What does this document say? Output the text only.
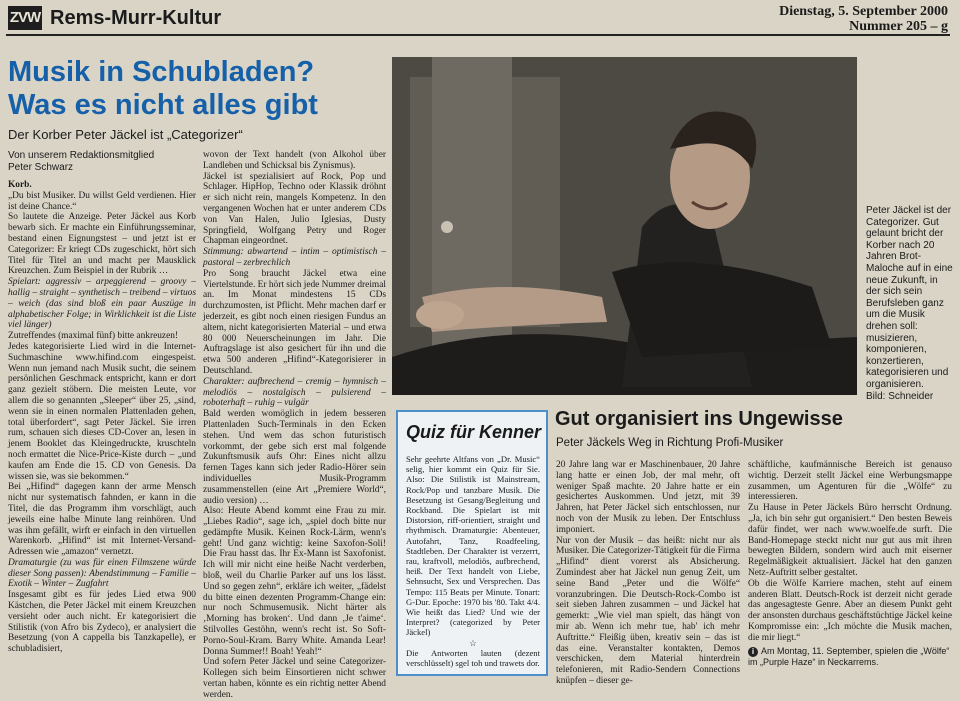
ZVW Rems-Murr-Kultur	Dienstag, 5. September 2000
Nummer 205 – g
Musik in Schubladen?
Was es nicht alles gibt
Der Korber Peter Jäckel ist „Categorizer“
Von unserem Redaktionsmitglied
Peter Schwarz

Korb.

„Du bist Musiker. Du willst Geld verdienen. Hier ist deine Chance.“

So lautete die Anzeige. Peter Jäckel aus Korb bewarb sich. Er machte ein Einführungsseminar, bestand einen Eignungstest – und jetzt ist er Categorizer: Er kriegt CDs zugeschickt, hört sich Titel für Titel an und macht per Mausklick Kreuzchen. Zum Beispiel in der Rubrik …

Spielart: aggressiv – arpeggierend – groovy – hallig – straight – synthetisch – treibend – virtuos – weich (das sind bloß ein paar Auszüge in alphabetischer Folge; in Wirklichkeit ist die Liste viel länger)

Zutreffendes (maximal fünf) bitte ankreuzen!

Jedes kategorisierte Lied wird in die Internet-Suchmaschine www.hifind.com eingespeist. Wenn nun jemand nach Musik sucht, die seinem persönlichen Geschmack entspricht, kann er dort ganz gezielt stöbern. Die meisten Leute, vor allem die so genannten „Sleeper“ über 25, „sind, wenn sie in einen normalen Plattenladen gehen, total überfordert“, sagt Peter Jäckel. Sie irren rum, schauen sich dieses CD-Cover an, lesen in jenem Booklet das Kleingedruckte, kruschteln noch ermattet die Nice-Price-Kiste durch – „und kaufen am Ende die 15. CD von Genesis. Da wissen sie, was sie bekommen.“

Bei „Hifind“ dagegen kann der arme Mensch nicht nur systematisch fahnden, er kann in die Titel, die das Programm ihm vorschlägt, auch jeweils eine halbe Minute lang reinhören. Und was ihm gefällt, wirft er einfach in den virtuellen Warenkorb. „Hifind“ ist mit Internet-Versand-Adressen wie „amazon“ vernetzt.

Dramaturgie (zu was für einen Filmszene würde dieser Song passen): Abendstimmung – Familie – Exotik – Winter – Zugfahrt

Insgesamt gibt es für jedes Lied etwa 900 Kästchen, die Peter Jäckel mit einem Kreuzchen versieht oder auch nicht. Er kategorisiert die Stilistik (von Afro bis Zydeco), er analysiert die Besetzung (von A cappella bis Tanzkapelle), er schubladisiert,

wovon der Text handelt (von Alkohol über Landleben und Schicksal bis Zynismus).

Jäckel ist spezialisiert auf Rock, Pop und Schlager. HipHop, Techno oder Klassik dröhnt er sich nicht rein, mangels Kompetenz. In den vergangenen Wochen hat er unter anderem CDs von Van Halen, Julio Iglesias, Dusty Springfield, Wolfgang Petry und Roger Chapman eingeordnet.

Stimmung: abwartend – intim – optimistisch – pastoral – zerbrechlich

Pro Song braucht Jäckel etwa eine Viertelstunde. Er hört sich jede Nummer dreimal an. Im Monat mindestens 15 CDs durchzumosten, ist Pflicht. Mehr machen darf er jederzeit, es gibt noch einen riesigen Fundus an altem, nicht kategorisierten Material – und etwa 80 000 Neuerscheinungen im Jahr. Die Auftragslage ist also gesichert für ihn und die etwa 500 anderen „Hifind“-Kategorisierer in Deutschland.

Charakter: aufbrechend – cremig – hymnisch – melodiös – nostalgisch – pulsierend – roboterhaft – ruhig – vulgär

Bald werden womöglich in jedem besseren Plattenladen Such-Terminals in den Ecken stehen. Und wem das schon futuristisch vorkommt, der gebe sich erst mal folgende Zukunftsmusik aufs Ohr: Eines nicht allzu fernen Tages kann sich jeder Radio-Hörer sein individuelles Musik-Programm zusammenstellen (eine Art „Premiere World“, audio version) …

Also: Heute Abend kommt eine Frau zu mir. „Liebes Radio“, sage ich, „spiel doch bitte nur gedämpfte Musik. Keinen Rock-Lärm, wenn's geht! Und ganz wichtig: keine Saxofon-Soli! Die Frau hasst das. Ihr Ex-Mann ist Saxofonist. Ich will mir nicht eine heiße Nacht verderben, bloß, weil du Charlie Parker auf uns los lässt. Und so gegen zehn“, erkläre ich weiter, „fädelst du bitte einen dezenten Programm-Change ein: nur noch Schmusemusik. Nicht härter als ‚Morning has broken‘. Und dann ‚Je t'aime‘. Stilvolles Gestöhn, wenn's recht ist. So Soft-Porno-Soul-Kram. Barry White. Amanda Lear! Donna Summer!! Boah! Yeah!“

Und sofern Peter Jäckel und seine Categorizer-Kollegen sich beim Einsortieren nicht schwer vertan haben, könnte es ein richtig netter Abend werden.

Peter Jäckel ist der Categorizer. Gut gelaunt bricht der Korber nach 20 Jahren Brot-Maloche auf in eine neue Zukunft, in der sich sein Berufsleben ganz um die Musik drehen soll: musizieren, komponieren, konzertieren, kategorisieren und organisieren.
Bild: Schneider
Quiz für Kenner

Sehr geehrte Altfans von „Dr. Music“ selig, hier kommt ein Quiz für Sie. Also: Die Stilistik ist Mainstream, Rock/Pop und tanzbare Musik. Die Besetzung ist Gesang/Begleitung und Rockband. Die Spielart ist mit Distorsion, riff-orientiert, straight und rhythmisch. Dramaturgie: Abenteuer, Autofahrt, Tanz, Roadfeeling, Stadtleben. Der Charakter ist verzerrt, rau, kraftvoll, melodiös, aufbrechend, heiß. Der Text handelt von Liebe, Sehnsucht, Sex und Versprechen. Das Tempo: 115 Beats per Minute. Tonart: G-Dur. Epoche: 1970 bis '80. Takt 4/4. Wie heißt das Lied? Und wie der Interpret? (categorized by Peter Jäckel)

☆

Die Antworten lauten (dezent verschlüsselt) sgel toh und trawets dor.

Gut organisiert ins Ungewisse
Peter Jäckels Weg in Richtung Profi-Musiker

20 Jahre lang war er Maschinenbauer, 20 Jahre lang hatte er einen Job, der mal mehr, oft weniger Spaß machte. 20 Jahre hatte er ein gesichertes Auskommen. Und jetzt, mit 39 Jahren, hat Peter Jäckel sich entschlossen, nur noch von der Musik zu leben. Der Entschluss imponiert.

Nur von der Musik – das heißt: nicht nur als Musiker. Die Categorizer-Tätigkeit für die Firma „Hifind“ dient vorerst als Absicherung. Zumindest aber hat Jäckel nun genug Zeit, um seine Band „Peter und die Wölfe“ voranzubringen. Die Deutsch-Rock-Combo ist seit sieben Jahren zusammen – und Jäckel hat gemerkt: „Wie viel man spielt, das hängt von mir ab. Wenn ich mehr tue, hab' ich mehr Auftritte.“ Fleißig üben, kreativ sein – das ist das eine. Veranstalter kontakten, Demos verschicken, dem Material hinterdrein telefonieren, mit Radio-Sendern Connections knüpfen – dieser ge-

schäftliche, kaufmännische Bereich ist genauso wichtig. Derzeit stellt Jäckel eine Werbungsmappe zusammen, um Agenturen für die „Wölfe“ zu interessieren.

Zu Hause in Peter Jäckels Büro herrscht Ordnung. „Ja, ich bin sehr gut organisiert.“ Den besten Beweis dafür findet, wer nach www.woelfe.de surft. Die Band-Homepage steckt nicht nur gut aus mit ihren bewegten Bildern, sondern wird auch mit eiserner Regelmäßigkeit aktualisiert. Jäckel hat den ganzen Netz-Auftritt selber gestaltet.

Ob die Wölfe Karriere machen, steht auf einem anderen Blatt. Deutsch-Rock ist derzeit nicht gerade das angesagteste Genre. Aber an diesem Punkt geht der ansonsten durchaus geschäftstüchtige Jäckel keine Kompromisse ein: „Ich möchte die Musik machen, die mir liegt.“

i Am Montag, 11. September, spielen die „Wölfe“ im „Purple Haze“ in Neckarrems.
